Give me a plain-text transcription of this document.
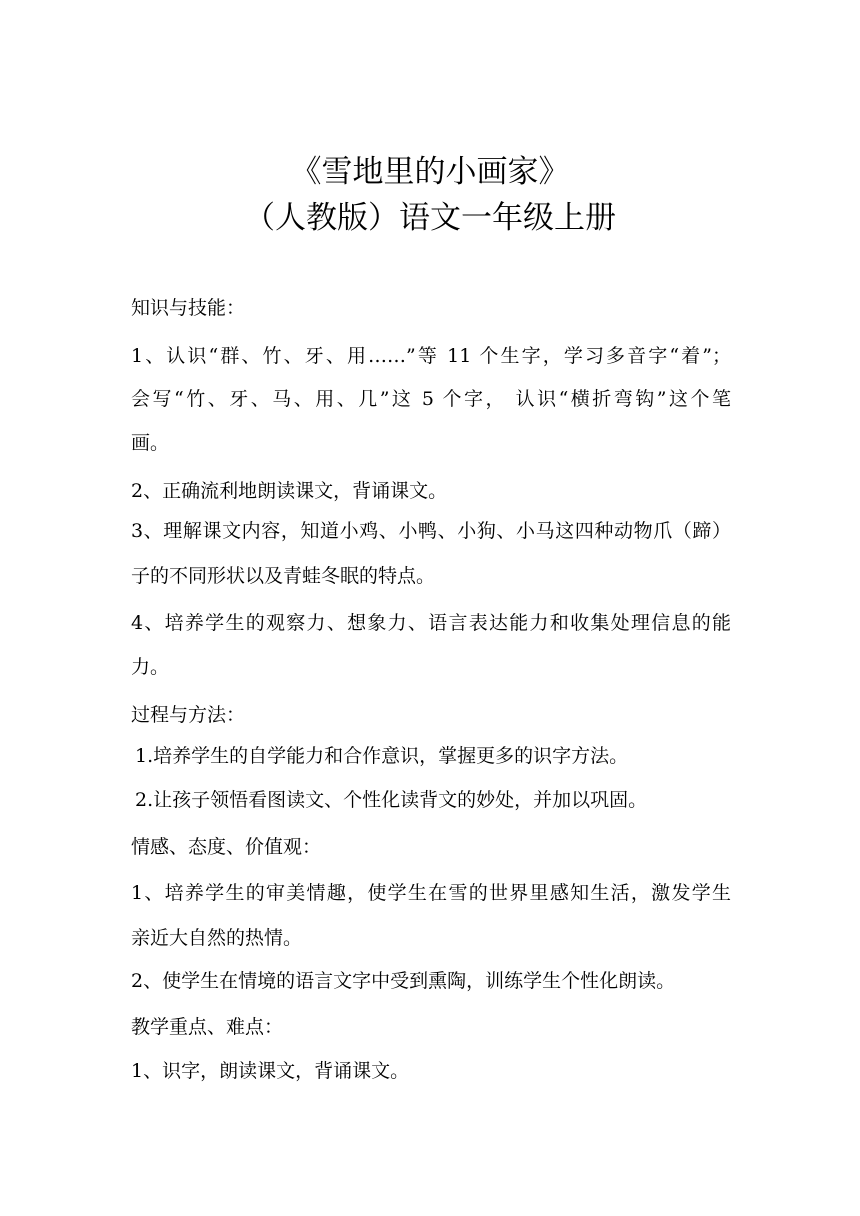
《雪地里的小画家》
（人教版）语文一年级上册
知识与技能：
1、认识“群、竹、牙、用……”等 11 个生字，学习多音字“着”；
会写“竹、牙、马、用、几”这 5 个字， 认识“横折弯钩”这个笔
画。
2、正确流利地朗读课文，背诵课文。
3、理解课文内容，知道小鸡、小鸭、小狗、小马这四种动物爪（蹄）
子的不同形状以及青蛙冬眠的特点。
4、培养学生的观察力、想象力、语言表达能力和收集处理信息的能
力。
过程与方法：
1.培养学生的自学能力和合作意识，掌握更多的识字方法。
2.让孩子领悟看图读文、个性化读背文的妙处，并加以巩固。
情感、态度、价值观：
1、培养学生的审美情趣，使学生在雪的世界里感知生活，激发学生
亲近大自然的热情。
2、使学生在情境的语言文字中受到熏陶，训练学生个性化朗读。
教学重点、难点：
1、识字，朗读课文，背诵课文。
